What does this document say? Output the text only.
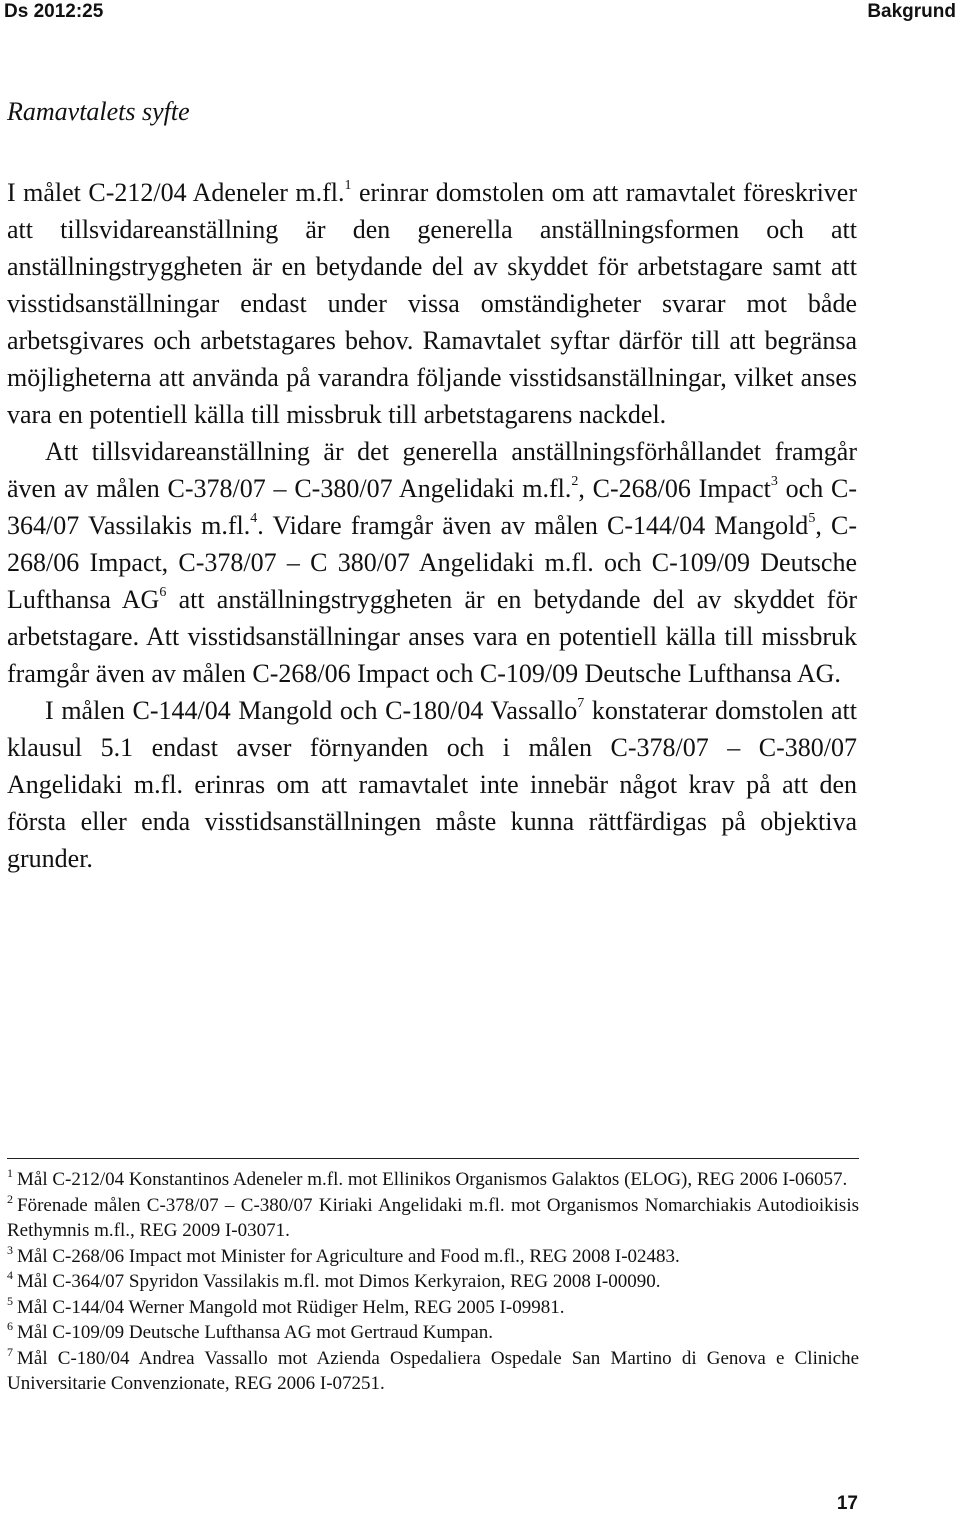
Ds 2012:25	Bakgrund
Ramavtalets syfte

I målet C-212/04 Adeneler m.fl.$^1$ erinrar domstolen om att ramavtalet föreskriver att tillsvidareanställning är den generella anställningsformen och att anställningstryggheten är en betydande del av skyddet för arbetstagare samt att visstidsanställningar endast under vissa omständigheter svarar mot både arbetsgivares och arbetstagares behov. Ramavtalet syftar därför till att begränsa möjligheterna att använda på varandra följande visstidsanställningar, vilket anses vara en potentiell källa till missbruk till arbetstagarens nackdel.

Att tillsvidareanställning är det generella anställningsförhållandet framgår även av målen C-378/07 – C-380/07 Angelidaki m.fl.$^2$, C-268/06 Impact$^3$ och C-364/07 Vassilakis m.fl.$^4$. Vidare framgår även av målen C-144/04 Mangold$^5$, C-268/06 Impact, C-378/07 – C 380/07 Angelidaki m.fl. och C-109/09 Deutsche Lufthansa $AG^6$ att anställningstryggheten är en betydande del av skyddet för arbetstagare. Att visstidsanställningar anses vara en potentiell källa till missbruk framgår även av målen C-268/06 Impact och C-109/09 Deutsche Lufthansa AG.

I målen C-144/04 Mangold och C-180/04 Vassallo$^7$ konstaterar domstolen att klausul 5.1 endast avser förnyanden och i målen C-378/07 – C-380/07 Angelidaki m.fl. erinras om att ramavtalet inte innebär något krav på att den första eller enda visstidsanställningen måste kunna rättfärdigas på objektiva grunder.

$^1$ Mål C-212/04 Konstantinos Adeneler m.fl. mot Ellinikos Organismos Galaktos (ELOG), REG 2006 I-06057.

$^2$ Förenade målen C-378/07 – C-380/07 Kiriaki Angelidaki m.fl. mot Organismos Nomarchiakis Autodioikisis Rethymnis m.fl., REG 2009 I-03071.

$^3$ Mål C-268/06 Impact mot Minister for Agriculture and Food m.fl., REG 2008 I-02483.

$^4$ Mål C-364/07 Spyridon Vassilakis m.fl. mot Dimos Kerkyraion, REG 2008 I-00090.

$^5$ Mål C-144/04 Werner Mangold mot Rüdiger Helm, REG 2005 I-09981.

$^6$ Mål C-109/09 Deutsche Lufthansa AG mot Gertraud Kumpan.

$^7$ Mål C-180/04 Andrea Vassallo mot Azienda Ospedaliera Ospedale San Martino di Genova e Cliniche Universitarie Convenzionate, REG 2006 I-07251.

17
